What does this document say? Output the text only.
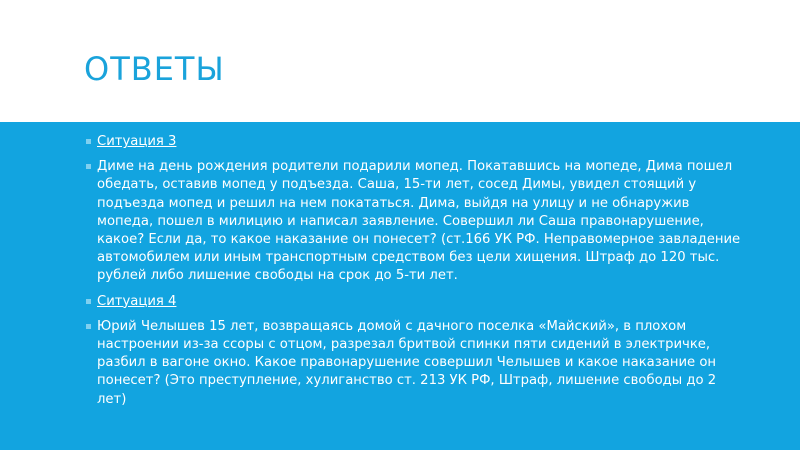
ОТВЕТЫ
Ситуация 3
Диме на день рождения родители подарили мопед. Покатавшись на мопеде, Дима пошел обедать, оставив мопед у подъезда. Саша, 15-ти лет, сосед Димы, увидел стоящий у подъезда мопед и решил на нем покататься. Дима, выйдя на улицу и не обнаружив мопеда, пошел в милицию и написал заявление. Совершил ли Саша правонарушение, какое? Если да, то какое наказание он понесет? (ст.166 УК РФ. Неправомерное завладение автомобилем или иным транспортным средством без цели хищения. Штраф до 120 тыс. рублей либо лишение свободы на срок до 5-ти лет.
Ситуация 4
Юрий Челышев 15 лет, возвращаясь домой с дачного поселка «Майский», в плохом настроении из-за ссоры с отцом, разрезал бритвой спинки пяти сидений в электричке, разбил в вагоне окно. Какое правонарушение совершил Челышев и какое наказание он понесет? (Это преступление, хулиганство ст. 213 УК РФ, Штраф, лишение свободы до 2 лет)
